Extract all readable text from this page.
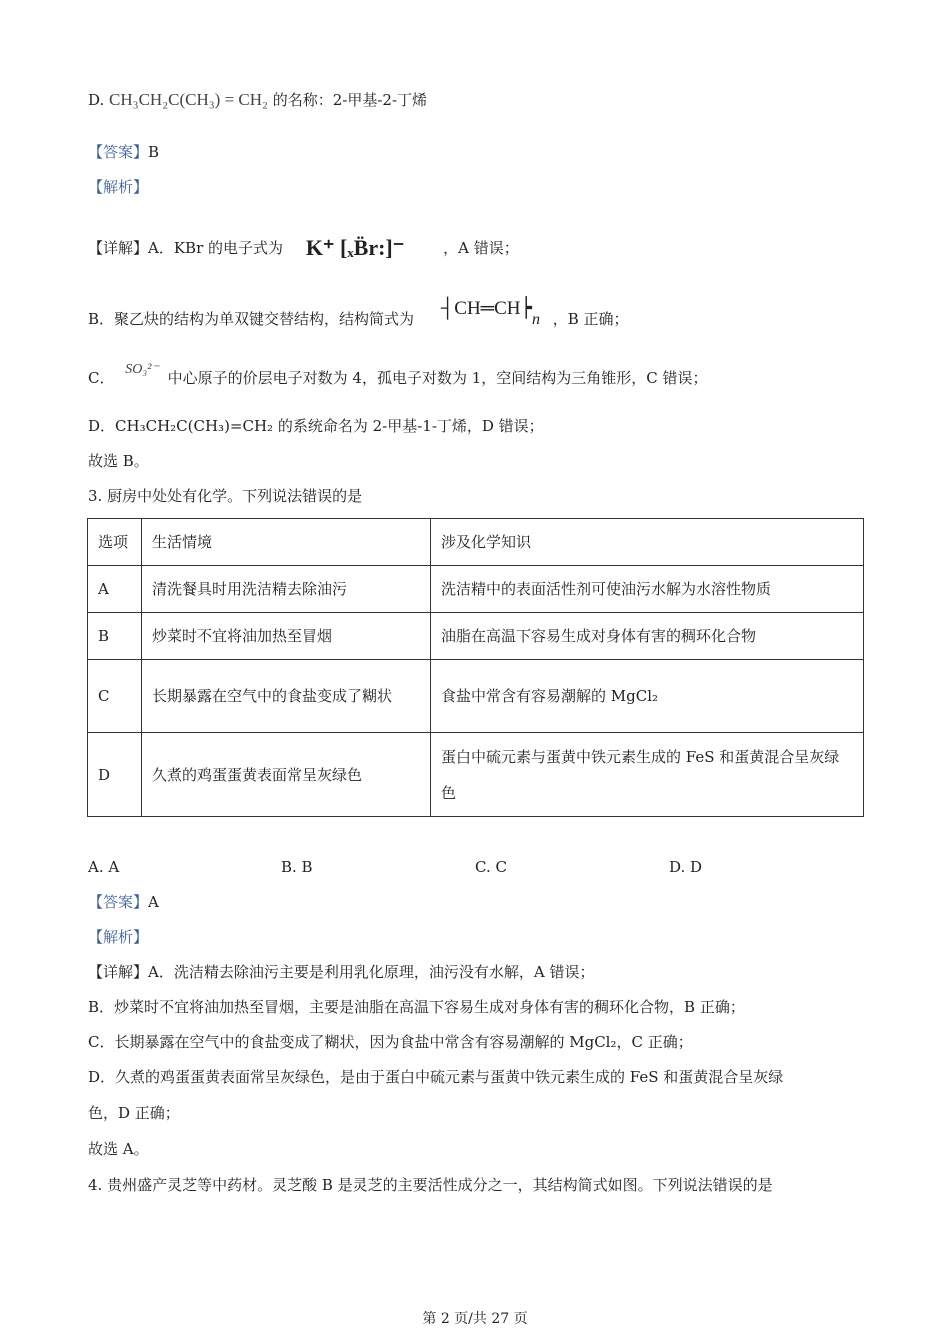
D. CH₃CH₂C(CH₃) = CH₂ 的名称：2-甲基-2-丁烯
【答案】B
【解析】
【详解】A．KBr 的电子式为 K⁺ [ₓB̈r:]⁻	，A 错误；
B．聚乙炔的结构为单双键交替结构，结构简式为 ┤CH═CH┝n ，B 正确；
C． SO₃²⁻ 中心原子的价层电子对数为 4，孤电子对数为 1，空间结构为三角锥形，C 错误；
D．CH₃CH₂C(CH₃)=CH₂ 的系统命名为 2-甲基-1-丁烯，D 错误；
故选 B。
3. 厨房中处处有化学。下列说法错误的是
选项	生活情境	涉及化学知识
A	清洗餐具时用洗洁精去除油污	洗洁精中的表面活性剂可使油污水解为水溶性物质
B	炒菜时不宜将油加热至冒烟	油脂在高温下容易生成对身体有害的稠环化合物
C	长期暴露在空气中的食盐变成了糊状	食盐中常含有容易潮解的 MgCl₂
D	久煮的鸡蛋蛋黄表面常呈灰绿色	蛋白中硫元素与蛋黄中铁元素生成的 FeS 和蛋黄混合呈灰绿色
A. A	B. B	C. C	D. D
【答案】A
【解析】
【详解】A．洗洁精去除油污主要是利用乳化原理，油污没有水解，A 错误；
B．炒菜时不宜将油加热至冒烟，主要是油脂在高温下容易生成对身体有害的稠环化合物，B 正确；
C．长期暴露在空气中的食盐变成了糊状，因为食盐中常含有容易潮解的 MgCl₂，C 正确；
D．久煮的鸡蛋蛋黄表面常呈灰绿色，是由于蛋白中硫元素与蛋黄中铁元素生成的 FeS 和蛋黄混合呈灰绿
色，D 正确；
故选 A。
4. 贵州盛产灵芝等中药材。灵芝酸 B 是灵芝的主要活性成分之一，其结构简式如图。下列说法错误的是
第 2 页/共 27 页
